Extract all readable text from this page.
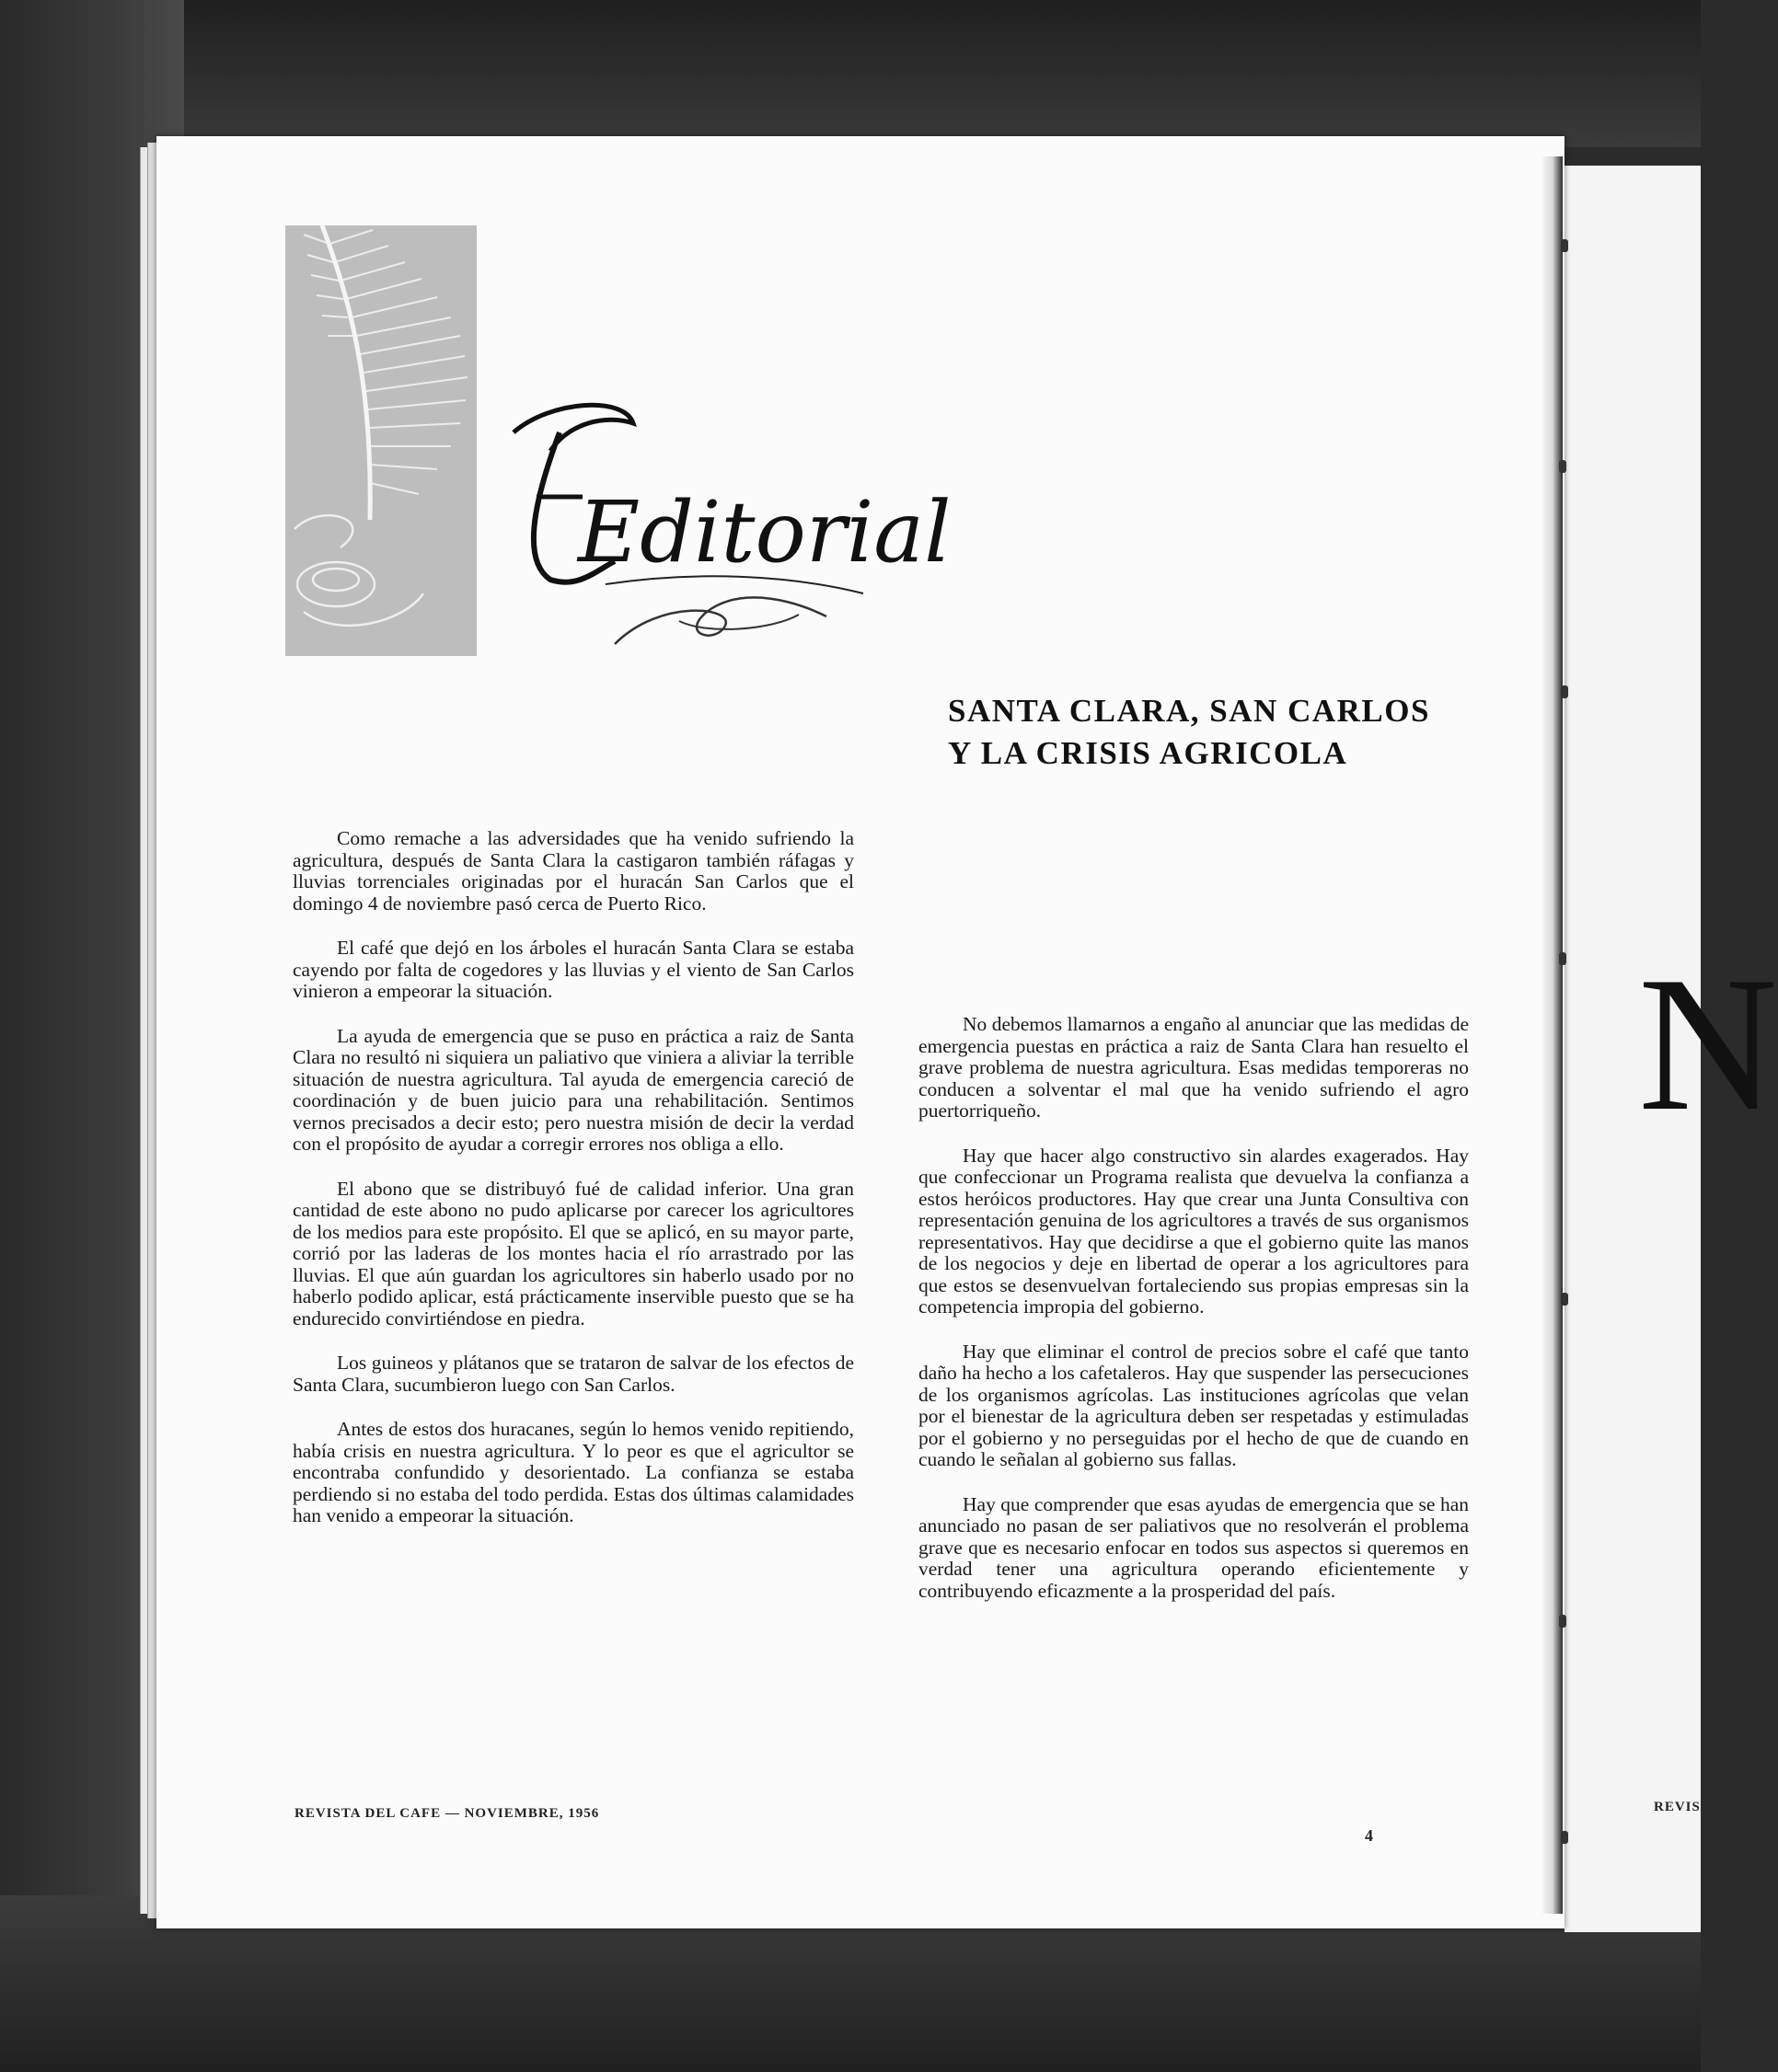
N
REVIS
Editorial
SANTA CLARA, SAN CARLOS
Y LA CRISIS AGRICOLA

Como remache a las adversidades que ha venido sufriendo la agricultura, después de Santa Clara la castigaron también ráfagas y lluvias torrenciales originadas por el huracán San Carlos que el domingo 4 de noviembre pasó cerca de Puerto Rico.

El café que dejó en los árboles el huracán Santa Clara se estaba cayendo por falta de cogedores y las lluvias y el viento de San Carlos vinieron a empeorar la situación.

La ayuda de emergencia que se puso en práctica a raiz de Santa Clara no resultó ni siquiera un paliativo que viniera a aliviar la terrible situación de nuestra agricultura. Tal ayuda de emergencia careció de coordinación y de buen juicio para una rehabilitación. Sentimos vernos precisados a decir esto; pero nuestra misión de decir la verdad con el propósito de ayudar a corregir errores nos obliga a ello.

El abono que se distribuyó fué de calidad inferior. Una gran cantidad de este abono no pudo aplicarse por carecer los agricultores de los medios para este propósito. El que se aplicó, en su mayor parte, corrió por las laderas de los montes hacia el río arrastrado por las lluvias. El que aún guardan los agricultores sin haberlo usado por no haberlo podido aplicar, está prácticamente inservible puesto que se ha endurecido convirtiéndose en piedra.

Los guineos y plátanos que se trataron de salvar de los efectos de Santa Clara, sucumbieron luego con San Carlos.

Antes de estos dos huracanes, según lo hemos venido repitiendo, había crisis en nuestra agricultura. Y lo peor es que el agricultor se encontraba confundido y desorientado. La confianza se estaba perdiendo si no estaba del todo perdida. Estas dos últimas calamidades han venido a empeorar la situación.

No debemos llamarnos a engaño al anunciar que las medidas de emergencia puestas en práctica a raiz de Santa Clara han resuelto el grave problema de nuestra agricultura. Esas medidas temporeras no conducen a solventar el mal que ha venido sufriendo el agro puertorriqueño.

Hay que hacer algo constructivo sin alardes exagerados. Hay que confeccionar un Programa realista que devuelva la confianza a estos heróicos productores. Hay que crear una Junta Consultiva con representación genuina de los agricultores a través de sus organismos representativos. Hay que decidirse a que el gobierno quite las manos de los negocios y deje en libertad de operar a los agricultores para que estos se desenvuelvan fortaleciendo sus propias empresas sin la competencia impropia del gobierno.

Hay que eliminar el control de precios sobre el café que tanto daño ha hecho a los cafetaleros. Hay que suspender las persecuciones de los organismos agrícolas. Las instituciones agrícolas que velan por el bienestar de la agricultura deben ser respetadas y estimuladas por el gobierno y no perseguidas por el hecho de que de cuando en cuando le señalan al gobierno sus fallas.

Hay que comprender que esas ayudas de emergencia que se han anunciado no pasan de ser paliativos que no resolverán el problema grave que es necesario enfocar en todos sus aspectos si queremos en verdad tener una agricultura operando eficientemente y contribuyendo eficazmente a la prosperidad del país.

REVISTA DEL CAFE — NOVIEMBRE, 1956
4
